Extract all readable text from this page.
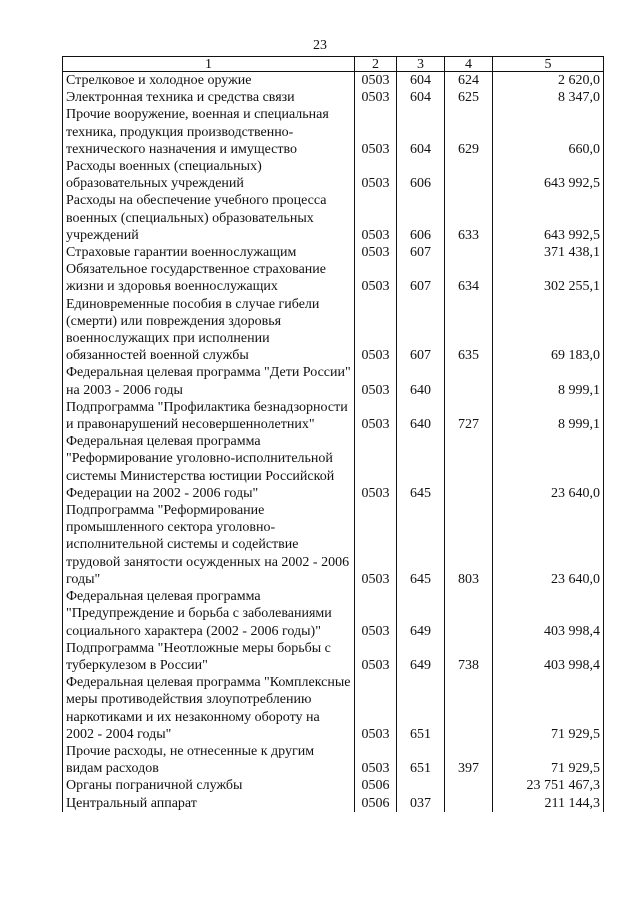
23
1	2	3	4	5
Стрелковое и холодное оружие	0503	604	624	2 620,0
Электронная техника и средства связи	0503	604	625	8 347,0
Прочие вооружение, военная и специальная техника, продукция производственно-технического назначения и имущество	0503	604	629	660,0
Расходы военных (специальных) образовательных учреждений	0503	606		643 992,5
Расходы на обеспечение учебного процесса военных (специальных) образовательных учреждений	0503	606	633	643 992,5
Страховые гарантии военнослужащим	0503	607		371 438,1
Обязательное государственное страхование жизни и здоровья военнослужащих	0503	607	634	302 255,1
Единовременные пособия в случае гибели (смерти) или повреждения здоровья военнослужащих при исполнении обязанностей военной службы	0503	607	635	69 183,0
Федеральная целевая программа "Дети России" на 2003 - 2006 годы	0503	640		8 999,1
Подпрограмма "Профилактика безнадзорности и правонарушений несовершеннолетних"	0503	640	727	8 999,1
Федеральная целевая программа "Реформирование уголовно-исполнительной системы Министерства юстиции Российской Федерации на 2002 - 2006 годы"	0503	645		23 640,0
Подпрограмма "Реформирование промышленного сектора уголовно-исполнительной системы и содействие трудовой занятости осужденных на 2002 - 2006 годы"	0503	645	803	23 640,0
Федеральная целевая программа "Предупреждение и борьба с заболеваниями социального характера (2002 - 2006 годы)"	0503	649		403 998,4
Подпрограмма "Неотложные меры борьбы с туберкулезом в России"	0503	649	738	403 998,4
Федеральная целевая программа "Комплексные меры противодействия злоупотреблению наркотиками и их незаконному обороту на 2002 - 2004 годы"	0503	651		71 929,5
Прочие расходы, не отнесенные к другим видам расходов	0503	651	397	71 929,5
Органы пограничной службы	0506			23 751 467,3
Центральный аппарат	0506	037		211 144,3
